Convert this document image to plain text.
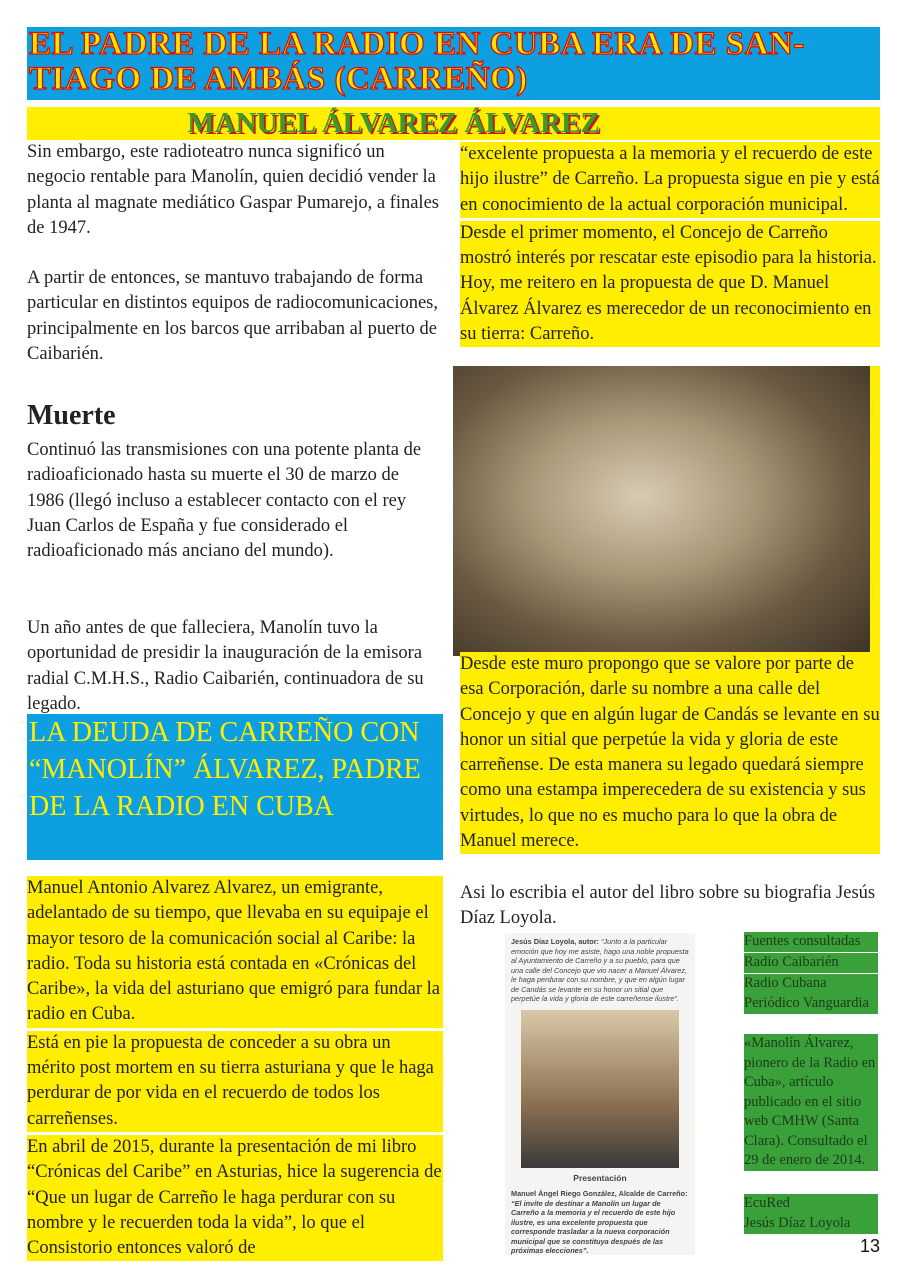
EL PADRE DE LA RADIO EN CUBA ERA DE SAN-
TIAGO DE AMBÁS (CARREÑO)
MANUEL ÁLVAREZ ÁLVAREZ

Sin embargo, este radioteatro nunca significó un negocio rentable para Manolín, quien decidió vender la planta al magnate mediático Gaspar Pumarejo, a finales de 1947.

A partir de entonces, se mantuvo trabajando de forma particular en distintos equipos de radiocomunicaciones, principalmente en los barcos que arribaban al puerto de Caibarién.

Muerte

Continuó las transmisiones con una potente planta de radioaficionado hasta su muerte el 30 de marzo de 1986 (llegó incluso a establecer contacto con el rey Juan Carlos de España y fue considerado el radioaficionado más anciano del mundo).

Un año antes de que falleciera, Manolín tuvo la oportunidad de presidir la inauguración de la emisora radial C.M.H.S., Radio Caibarién, continuadora de su legado.

LA DEUDA DE CARREÑO CON “MANOLÍN” ÁLVAREZ, PADRE DE LA RADIO EN CUBA

Manuel Antonio Alvarez Alvarez, un emigrante, adelantado de su tiempo, que llevaba en su equipaje el mayor tesoro de la comunicación social al Caribe: la radio. Toda su historia está contada en «Crónicas del Caribe», la vida del asturiano que emigró para fundar la radio en Cuba.

Está en pie la propuesta de conceder a su obra un mérito post mortem en su tierra asturiana y que le haga perdurar de por vida en el recuerdo de todos los carreñenses.

En abril de 2015, durante la presentación de mi libro “Crónicas del Caribe” en Asturias, hice la sugerencia de “Que un lugar de Carreño le haga perdurar con su nombre y le recuerden toda la vida”, lo que el Consistorio entonces valoró de

“excelente propuesta a la memoria y el recuerdo de este hijo ilustre” de Carreño. La propuesta sigue en pie y está en conocimiento de la actual corporación municipal.

Desde el primer momento, el Concejo de Carreño mostró interés por rescatar este episodio para la historia. Hoy, me reitero en la propuesta de que D. Manuel Álvarez Álvarez es merecedor de un reconocimiento en su tierra: Carreño.

Desde este muro propongo que se valore por parte de esa Corporación, darle su nombre a una calle del Concejo y que en algún lugar de Candás se levante en su honor un sitial que perpetúe la vida y gloria de este carreñense. De esta manera su legado quedará siempre como una estampa imperecedera de su existencia y sus virtudes, lo que no es mucho para lo que la obra de Manuel merece.

Asi lo escribia el autor del libro sobre su biografia Jesús Díaz Loyola.

Jesús Díaz Loyola, autor: “Junto a la particular emoción que hoy me asiste, hago una noble propuesta al Ayuntamiento de Carreño y a su pueblo, para que una calle del Concejo que vio nacer a Manuel Álvarez, le haga perdurar con su nombre, y que en algún lugar de Candás se levante en su honor un sitial que perpetúe la vida y gloria de este carreñense ilustre”.

Presentación

Manuel Ángel Riego González, Alcalde de Carreño:
“El invite de destinar a Manolín un lugar de Carreño a la memoria y el recuerdo de este hijo ilustre, es una excelente propuesta que corresponde trasladar a la nueva corporación municipal que se constituya después de las próximas elecciones”.

Fuentes consultadas
Radio Caibarién
Radio Cubana
Periódico Vanguardia
«Manolín Álvarez, pionero de la Radio en Cuba», artículo publicado en el sitio web CMHW (Santa Clara). Consultado el 29 de enero de 2014.
EcuRed
Jesús Díaz Loyola
13
